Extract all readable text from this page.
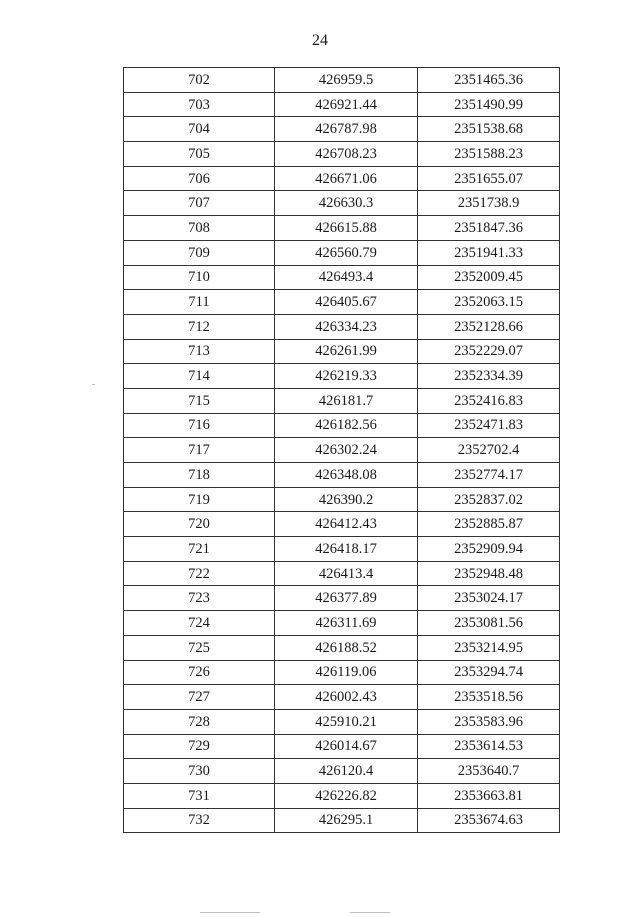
24
702	426959.5	2351465.36
703	426921.44	2351490.99
704	426787.98	2351538.68
705	426708.23	2351588.23
706	426671.06	2351655.07
707	426630.3	2351738.9
708	426615.88	2351847.36
709	426560.79	2351941.33
710	426493.4	2352009.45
711	426405.67	2352063.15
712	426334.23	2352128.66
713	426261.99	2352229.07
714	426219.33	2352334.39
715	426181.7	2352416.83
716	426182.56	2352471.83
717	426302.24	2352702.4
718	426348.08	2352774.17
719	426390.2	2352837.02
720	426412.43	2352885.87
721	426418.17	2352909.94
722	426413.4	2352948.48
723	426377.89	2353024.17
724	426311.69	2353081.56
725	426188.52	2353214.95
726	426119.06	2353294.74
727	426002.43	2353518.56
728	425910.21	2353583.96
729	426014.67	2353614.53
730	426120.4	2353640.7
731	426226.82	2353663.81
732	426295.1	2353674.63
